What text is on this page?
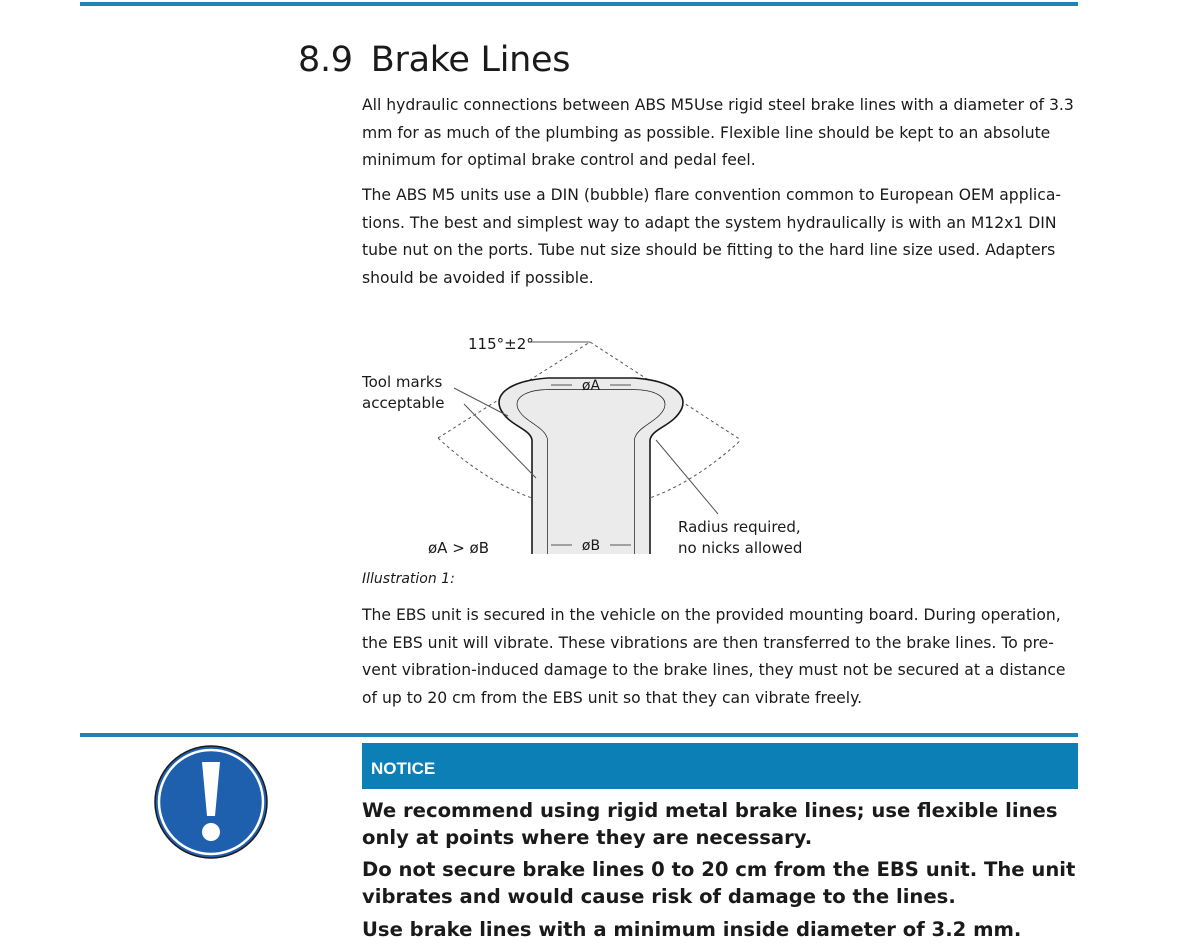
8.9 Brake Lines

All hydraulic connections between ABS M5Use rigid steel brake lines with a diameter of 3.3 mm for as much of the plumbing as possible. Flexible line should be kept to an absolute minimum for optimal brake control and pedal feel.

The ABS M5 units use a DIN (bubble) flare convention common to European OEM applications. The best and simplest way to adapt the system hydraulically is with an M12x1 DIN tube nut on the ports. Tube nut size should be fitting to the hard line size used. Adapters should be avoided if possible.

øA
øB
115°±2°
Tool marks
acceptable
øA > øB
Radius required,
no nicks allowed
Illustration 1:

The EBS unit is secured in the vehicle on the provided mounting board. During operation, the EBS unit will vibrate. These vibrations are then transferred to the brake lines. To prevent vibration-induced damage to the brake lines, they must not be secured at a distance of up to 20 cm from the EBS unit so that they can vibrate freely.

NOTICE

We recommend using rigid metal brake lines; use flexible lines only at points where they are necessary.

Do not secure brake lines 0 to 20 cm from the EBS unit. The unit vibrates and would cause risk of damage to the lines.

Use brake lines with a minimum inside diameter of 3.2 mm.
